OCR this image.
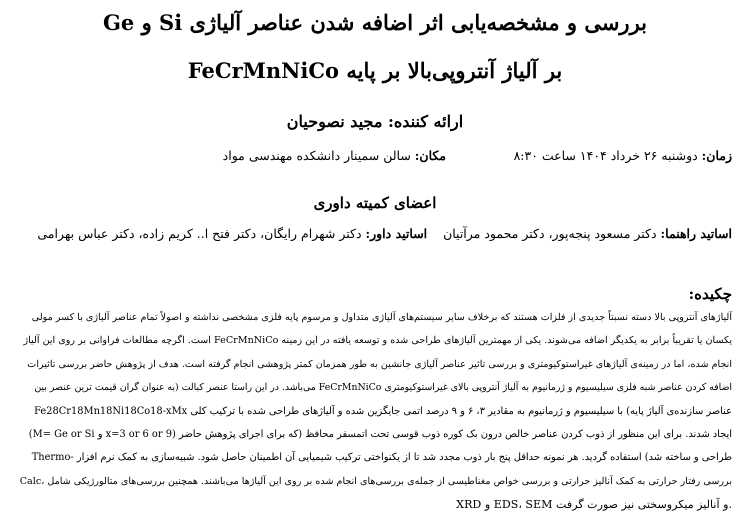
بررسی و مشخصه‌یابی اثر اضافه شدن عناصر آلیاژی Si و Ge
بر آلیاژ آنتروپی‌بالا بر پایه FeCrMnNiCo
ارائه کننده: مجید نصوحیان
زمان: دوشنبه ۲۶ خرداد ۱۴۰۴ ساعت ۸:۳۰
مکان: سالن سمینار دانشکده مهندسی مواد
اعضای کمیته داوری
اساتید راهنما: دکتر مسعود پنجه‌پور، دکتر محمود مرآتیان    اساتید داور: دکتر شهرام رایگان، دکتر فتح ا.. کریم زاده، دکتر عباس بهرامی
چکیده:
آلیاژهای آنتروپی بالا دسته نسبتاً جدیدی از فلزات هستند که برخلاف سایر سیستم‌های آلیاژی متداول و مرسوم پایه فلزی مشخصی نداشته و اصولاً تمام عناصر آلیاژی با کسر مولی
یکسان یا تقریباً برابر به یکدیگر اضافه می‌شوند. یکی از مهمترین آلیاژهای طراحی شده و توسعه یافته در این زمینه FeCrMnNiCo است. اگرچه مطالعات فراوانی بر روی این آلیاژ
انجام شده، اما در زمینه‌ی آلیاژهای غیراستوکیومتری و بررسی تاثیر عناصر آلیاژی جانشین به طور همزمان کمتر پژوهشی انجام گرفته است. هدف از پژوهش حاضر بررسی تاثیرات
اضافه کردن عناصر شبه فلزی سیلیسیوم و ژرمانیوم به آلیاژ آنتروپی بالای غیراستوکیومتری FeCrMnNiCo می‌باشد. در این راستا عنصر کبالت (به عنوان گران قیمت ترین عنصر بین
عناصر سازنده‌ی آلیاژ پایه) با سیلیسیوم و ژرمانیوم به مقادیر ۳، ۶ و ۹ درصد اتمی جایگزین شده و آلیاژهای طراحی شده با ترکیب کلی Fe28Cr18Mn18Ni18Co18-xMx
(M= Ge or Si و x=3 or 6 or 9) ایجاد شدند. برای این منظور از ذوب کردن عناصر خالص درون بک کوره ذوب قوسی تحت اتمسفر محافظ (که برای اجرای پژوهش حاضر
طراحی و ساخته شد) استفاده گردید. هر نمونه حداقل پنج بار ذوب مجدد شد تا از یکنواختی ترکیب شیمیایی آن اطمینان حاصل شود. شبیه‌سازی به کمک نرم افزار -Thermo
Calc، بررسی رفتار حرارتی به کمک آنالیز حرارتی و بررسی خواص مغناطیسی از جمله‌ی بررسی‌های انجام شده بر روی این آلیاژها می‌باشند. همچنین بررسی‌های متالورژیکی شامل
XRD و EDS، SEM و آنالیز میکروسختی نیز صورت گرفت.
